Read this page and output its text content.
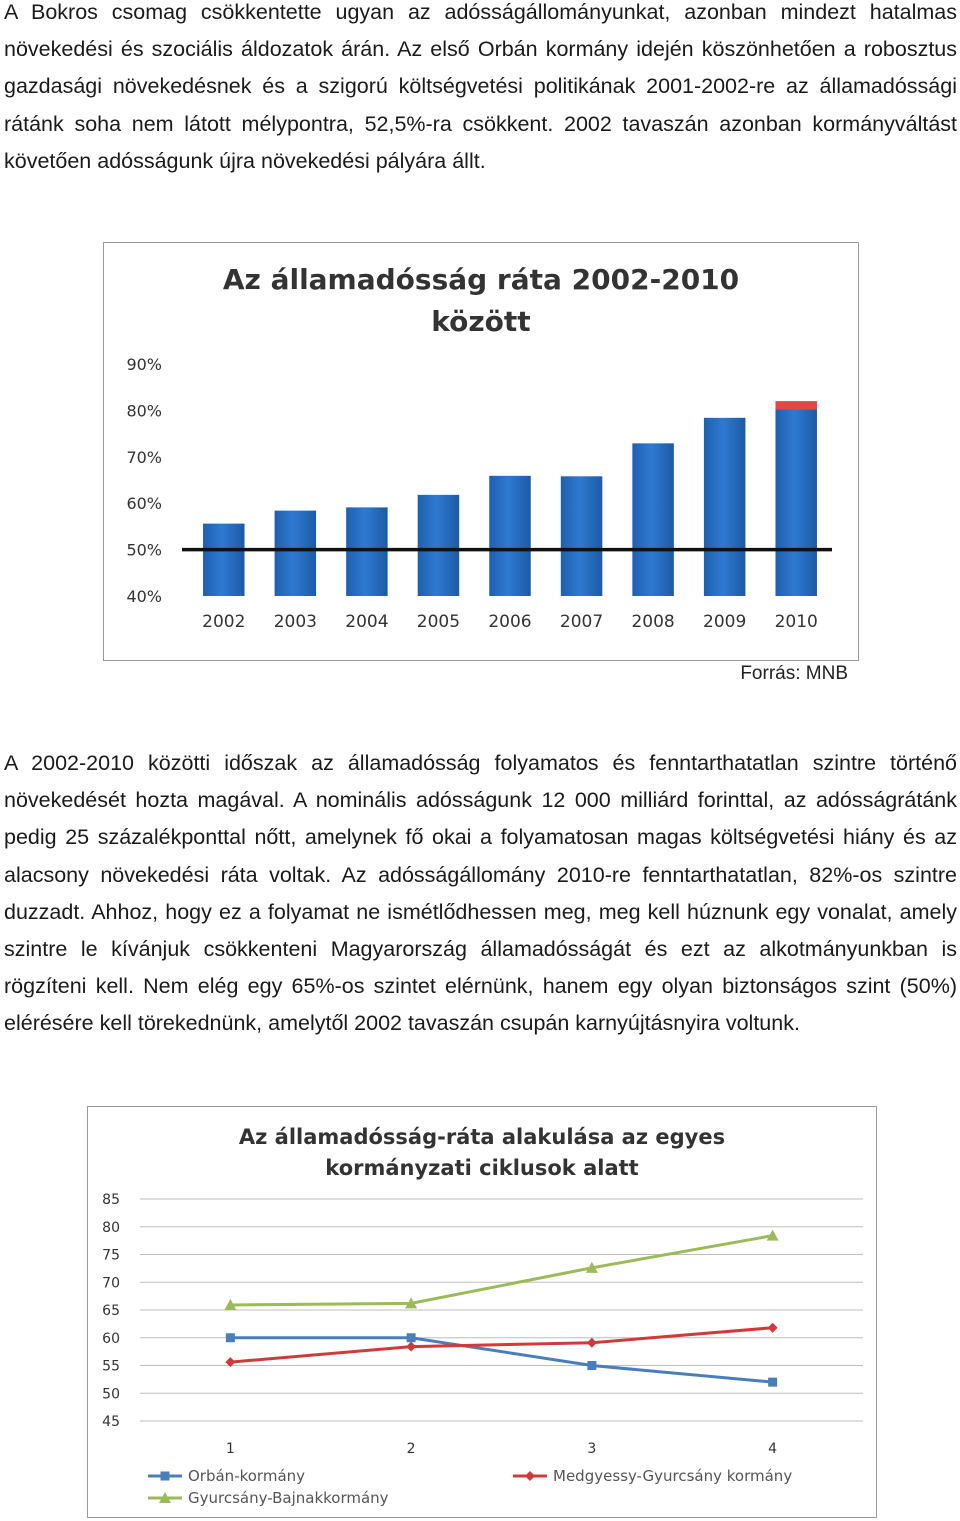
A Bokros csomag csökkentette ugyan az adósságállományunkat, azonban mindezt hatalmas növekedési és szociális áldozatok árán. Az első Orbán kormány idején köszönhetően a robosztus gazdasági növekedésnek és a szigorú költségvetési politikának 2001-2002-re az államadóssági rátánk soha nem látott mélypontra, 52,5%-ra csökkent. 2002 tavaszán azonban kormányváltást követően adósságunk újra növekedési pályára állt.

Az államadósság ráta 2002-2010
között
40%
50%
60%
70%
80%
90%
2002 2003 2004 2005 2006 2007 2008 2009 2010
Forrás: MNB

A 2002-2010 közötti időszak az államadósság folyamatos és fenntarthatatlan szintre történő növekedését hozta magával. A nominális adósságunk 12 000 milliárd forinttal, az adósságrátánk pedig 25 százalékponttal nőtt, amelynek fő okai a folyamatosan magas költségvetési hiány és az alacsony növekedési ráta voltak. Az adósságállomány 2010-re fenntarthatatlan, 82%-os szintre duzzadt. Ahhoz, hogy ez a folyamat ne ismétlődhessen meg, meg kell húznunk egy vonalat, amely szintre le kívánjuk csökkenteni Magyarország államadósságát és ezt az alkotmányunkban is rögzíteni kell. Nem elég egy 65%-os szintet elérnünk, hanem egy olyan biztonságos szint (50%) elérésére kell törekednünk, amelytől 2002 tavaszán csupán karnyújtásnyira voltunk.

Az államadósság-ráta alakulása az egyes
kormányzati ciklusok alatt
45
50
55
60
65
70
75
80
85
1	2	3	4
Orbán-kormány	Medgyessy-Gyurcsány kormány
Gyurcsány-Bajnakkormány
